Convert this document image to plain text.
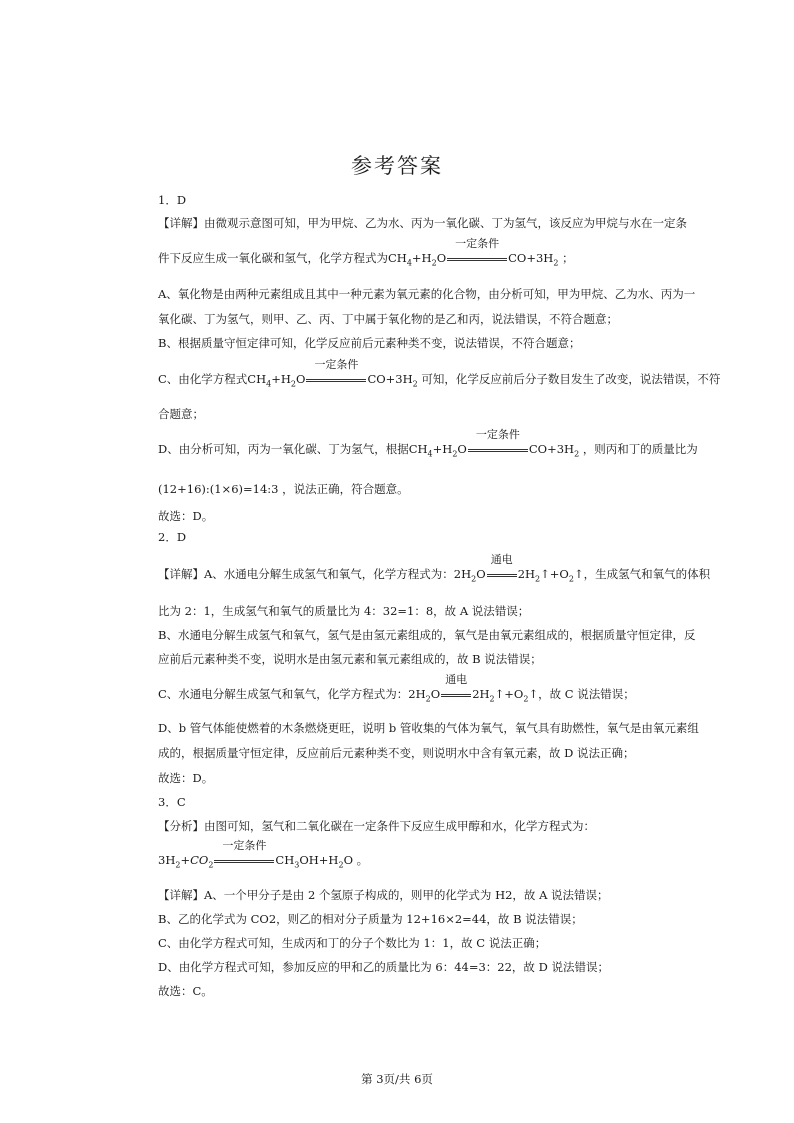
参考答案
1．D
【详解】由微观示意图可知，甲为甲烷、乙为水、丙为一氧化碳、丁为氢气，该反应为甲烷与水在一定条
件下反应生成一氧化碳和氢气，化学方程式为$CH_4+H_2O$
一定条件
$CO+3H_2$ ；
A、氧化物是由两种元素组成且其中一种元素为氧元素的化合物，由分析可知，甲为甲烷、乙为水、丙为一
氧化碳、丁为氢气，则甲、乙、丙、丁中属于氧化物的是乙和丙，说法错误，不符合题意；
B、根据质量守恒定律可知，化学反应前后元素种类不变，说法错误，不符合题意；
C、由化学方程式$CH_4+H_2O$
一定条件
$CO+3H_2$ 可知，化学反应前后分子数目发生了改变，说法错误，不符
合题意；
D、由分析可知，丙为一氧化碳、丁为氢气，根据$CH_4+H_2O$
一定条件
$CO+3H_2$ ，则丙和丁的质量比为
(12+16):(1×6)=14:3 ，说法正确，符合题意。
故选：D。
2．D
【详解】A、水通电分解生成氢气和氧气，化学方程式为：$2H_2O$
通电
$2H_2↑+O_2↑$，生成氢气和氧气的体积
比为 2：1，生成氢气和氧气的质量比为 4：32=1：8，故 A 说法错误；
B、水通电分解生成氢气和氧气，氢气是由氢元素组成的，氧气是由氧元素组成的，根据质量守恒定律，反
应前后元素种类不变，说明水是由氢元素和氧元素组成的，故 B 说法错误；
C、水通电分解生成氢气和氧气，化学方程式为：$2H_2O$
通电
$2H_2↑+O_2↑$，故 C 说法错误；
D、b 管气体能使燃着的木条燃烧更旺，说明 b 管收集的气体为氧气，氧气具有助燃性，氧气是由氧元素组
成的，根据质量守恒定律，反应前后元素种类不变，则说明水中含有氧元素，故 D 说法正确；
故选：D。
3．C
【分析】由图可知，氢气和二氧化碳在一定条件下反应生成甲醇和水，化学方程式为：
$3H_2+CO_2$
一定条件
$CH_3OH+H_2O$ 。
【详解】A、一个甲分子是由 2 个氢原子构成的，则甲的化学式为 H2，故 A 说法错误；
B、乙的化学式为 CO2，则乙的相对分子质量为 12+16×2=44，故 B 说法错误；
C、由化学方程式可知，生成丙和丁的分子个数比为 1：1，故 C 说法正确；
D、由化学方程式可知，参加反应的甲和乙的质量比为 6：44=3：22，故 D 说法错误；
故选：C。
第 3页/共 6页
